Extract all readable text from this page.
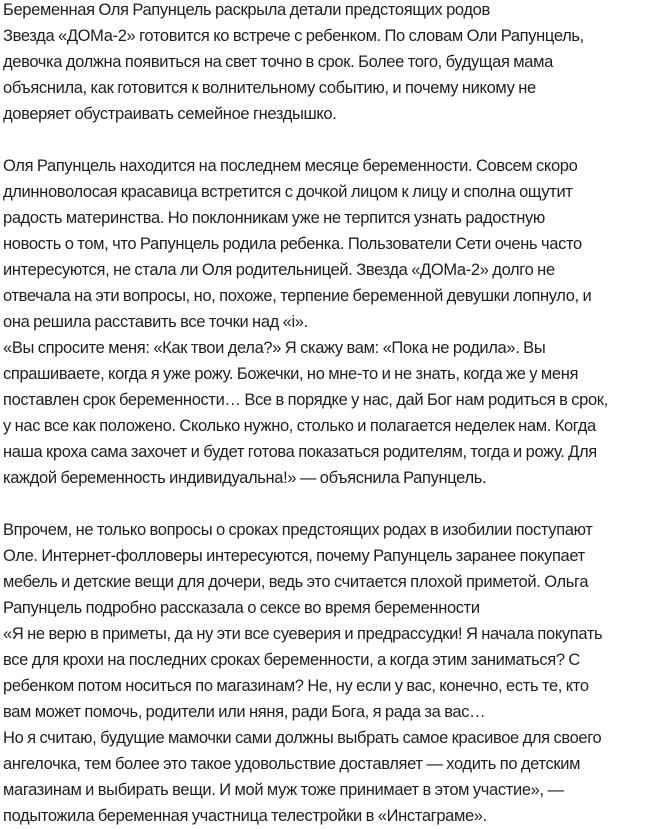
Беременная Оля Рапунцель раскрыла детали предстоящих родов
Звезда «ДОМа-2» готовится ко встрече с ребенком. По словам Оли Рапунцель,
девочка должна появиться на свет точно в срок. Более того, будущая мама
объяснила, как готовится к волнительному событию, и почему никому не
доверяет обустраивать семейное гнездышко.
Оля Рапунцель находится на последнем месяце беременности. Совсем скоро
длинноволосая красавица встретится с дочкой лицом к лицу и сполна ощутит
радость материнства. Но поклонникам уже не терпится узнать радостную
новость о том, что Рапунцель родила ребенка. Пользователи Сети очень часто
интересуются, не стала ли Оля родительницей. Звезда «ДОМа-2» долго не
отвечала на эти вопросы, но, похоже, терпение беременной девушки лопнуло, и
она решила расставить все точки над «i».
«Вы спросите меня: «Как твои дела?» Я скажу вам: «Пока не родила». Вы
спрашиваете, когда я уже рожу. Божечки, но мне-то и не знать, когда же у меня
поставлен срок беременности… Все в порядке у нас, дай Бог нам родиться в срок,
у нас все как положено. Сколько нужно, столько и полагается неделек нам. Когда
наша кроха сама захочет и будет готова показаться родителям, тогда и рожу. Для
каждой беременность индивидуальна!» — объяснила Рапунцель.
Впрочем, не только вопросы о сроках предстоящих родах в изобилии поступают
Оле. Интернет-фолловеры интересуются, почему Рапунцель заранее покупает
мебель и детские вещи для дочери, ведь это считается плохой приметой. Ольга
Рапунцель подробно рассказала о сексе во время беременности
«Я не верю в приметы, да ну эти все суеверия и предрассудки! Я начала покупать
все для крохи на последних сроках беременности, а когда этим заниматься? С
ребенком потом носиться по магазинам? Не, ну если у вас, конечно, есть те, кто
вам может помочь, родители или няня, ради Бога, я рада за вас…
Но я считаю, будущие мамочки сами должны выбрать самое красивое для своего
ангелочка, тем более это такое удовольствие доставляет — ходить по детским
магазинам и выбирать вещи. И мой муж тоже принимает в этом участие», —
подытожила беременная участница телестройки в «Инстаграме».
